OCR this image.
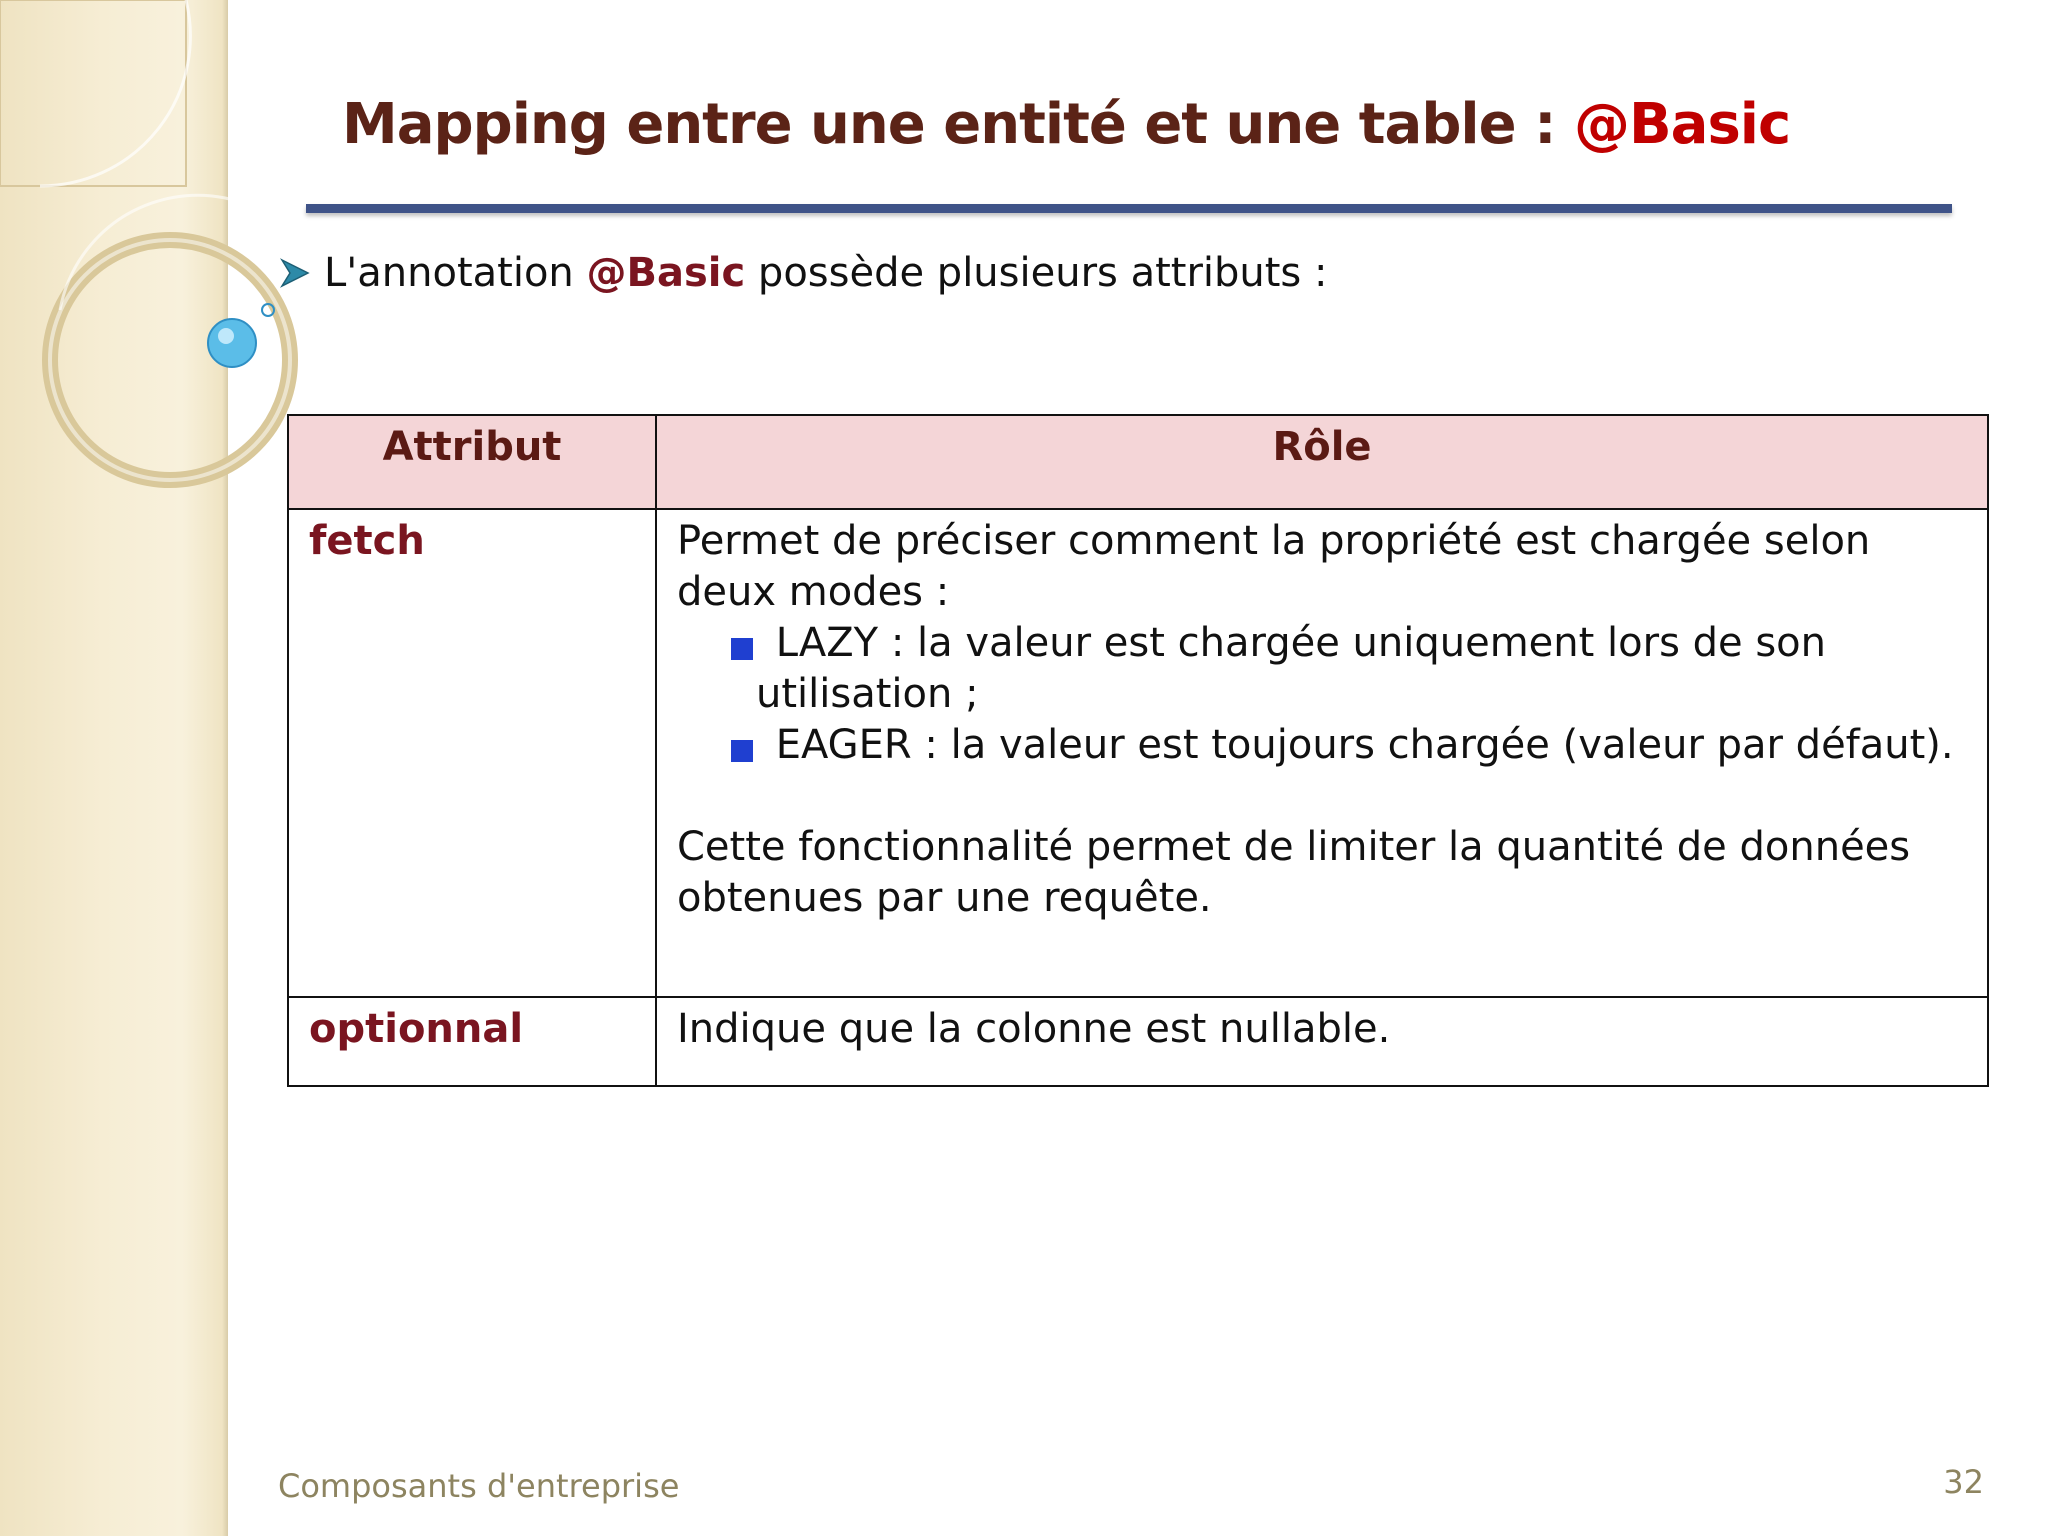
Mapping entre une entité et une table : @Basic
L'annotation @Basic possède plusieurs attributs :
Attribut	Rôle
fetch	Permet de préciser comment la propriété est chargée selon deux modes :
LAZY : la valeur est chargée uniquement lors de son utilisation ;
EAGER : la valeur est toujours chargée (valeur par défaut).
Cette fonctionnalité permet de limiter la quantité de données obtenues par une requête.

optionnal	Indique que la colonne est nullable.
Composants d'entreprise	32
